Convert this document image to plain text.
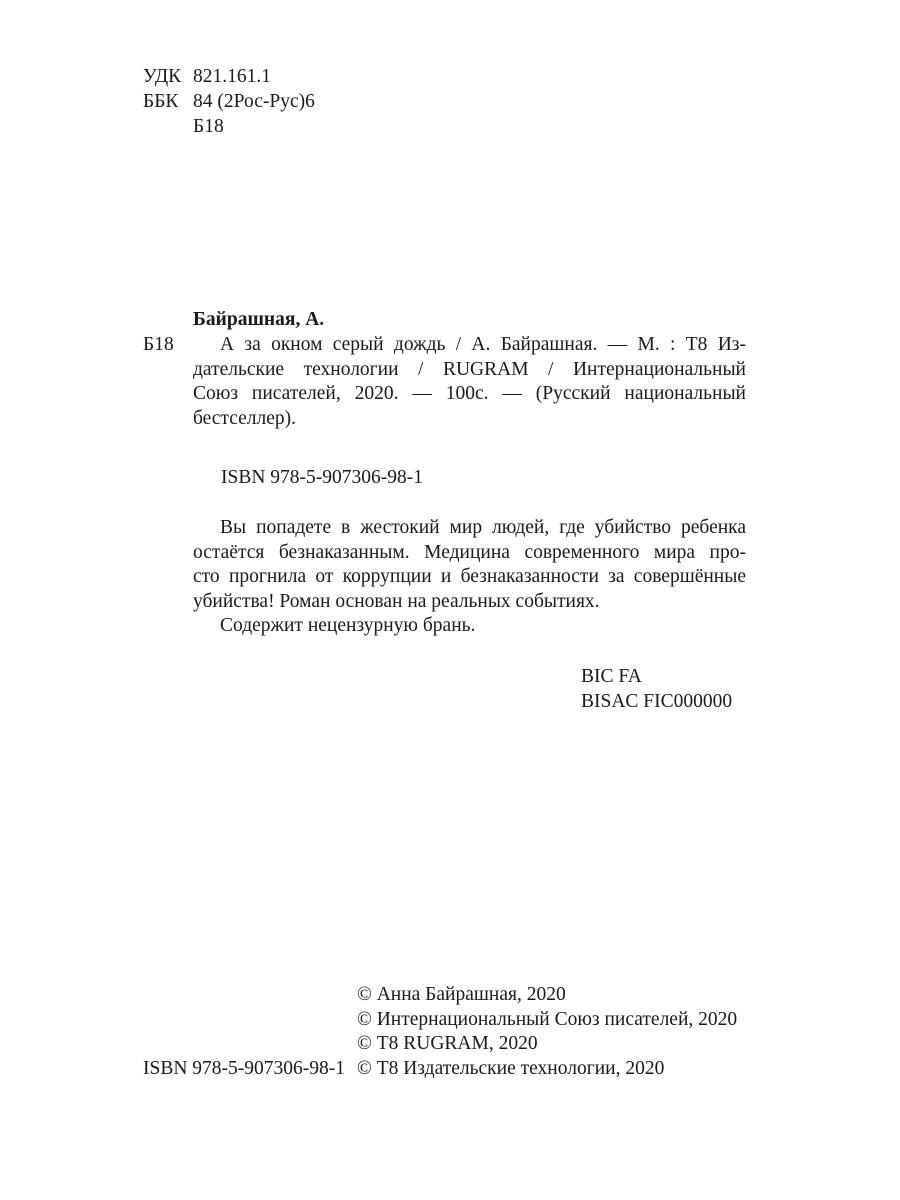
УДК 821.161.1
ББК 84 (2Рос-Рус)6
Б18
Байрашная, А.
Б18	А за окном серый дождь / А. Байрашная. — М. : Т8 Из-
дательские технологии / RUGRAM / Интернациональный
Союз писателей, 2020. — 100с. — (Русский национальный
бестселлер).
ISBN 978-5-907306-98-1
Вы попадете в жестокий мир людей, где убийство ребенка
остаётся безнаказанным. Медицина современного мира про-
сто прогнила от коррупции и безнаказанности за совершённые
убийства! Роман основан на реальных событиях.
Содержит нецензурную брань.
BIC FA
BISAC FIC000000
© Анна Байрашная, 2020
© Интернациональный Союз писателей, 2020
© Т8 RUGRAM, 2020
© Т8 Издательские технологии, 2020
ISBN 978-5-907306-98-1
